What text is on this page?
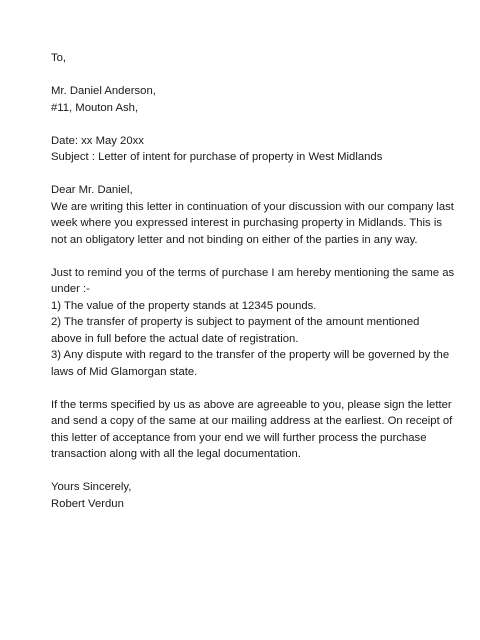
To,
Mr. Daniel Anderson,
#11, Mouton Ash,
Date: xx May 20xx
Subject : Letter of intent for purchase of property in West Midlands
Dear Mr. Daniel,
We are writing this letter in continuation of your discussion with our company last
week where you expressed interest in purchasing property in Midlands. This is
not an obligatory letter and not binding on either of the parties in any way.
Just to remind you of the terms of purchase I am hereby mentioning the same as
under :-
1) The value of the property stands at 12345 pounds.
2) The transfer of property is subject to payment of the amount mentioned
above in full before the actual date of registration.
3) Any dispute with regard to the transfer of the property will be governed by the
laws of Mid Glamorgan state.
If the terms specified by us as above are agreeable to you, please sign the letter
and send a copy of the same at our mailing address at the earliest. On receipt of
this letter of acceptance from your end we will further process the purchase
transaction along with all the legal documentation.
Yours Sincerely,
Robert Verdun
